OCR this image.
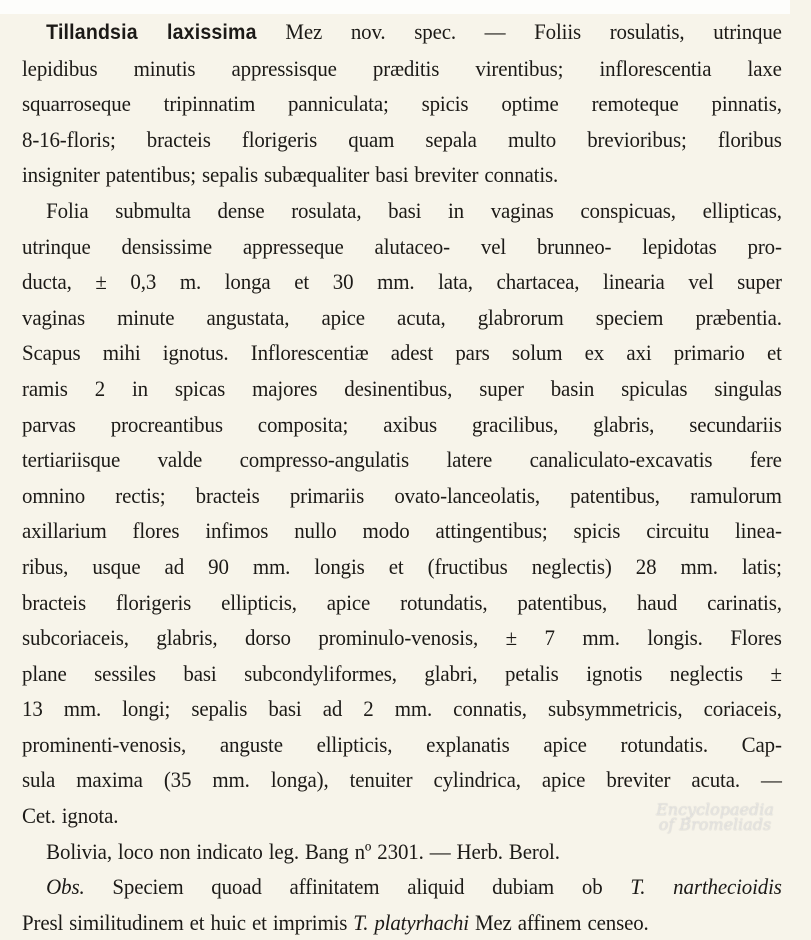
Tillandsia laxissima Mez nov. spec. — Foliis rosulatis, utrinque
lepidibus minutis appressisque præditis virentibus; inflorescentia laxe
squarroseque tripinnatim panniculata; spicis optime remoteque pinnatis,
8-16-floris; bracteis florigeris quam sepala multo brevioribus; floribus
insigniter patentibus; sepalis subæqualiter basi breviter connatis.
Folia submulta dense rosulata, basi in vaginas conspicuas, ellipticas,
utrinque densissime appresseque alutaceo- vel brunneo- lepidotas pro-
ducta, ± 0,3 m. longa et 30 mm. lata, chartacea, linearia vel super
vaginas minute angustata, apice acuta, glabrorum speciem præbentia.
Scapus mihi ignotus. Inflorescentiæ adest pars solum ex axi primario et
ramis 2 in spicas majores desinentibus, super basin spiculas singulas
parvas procreantibus composita; axibus gracilibus, glabris, secundariis
tertiariisque valde compresso-angulatis latere canaliculato-excavatis fere
omnino rectis; bracteis primariis ovato-lanceolatis, patentibus, ramulorum
axillarium flores infimos nullo modo attingentibus; spicis circuitu linea-
ribus, usque ad 90 mm. longis et (fructibus neglectis) 28 mm. latis;
bracteis florigeris ellipticis, apice rotundatis, patentibus, haud carinatis,
subcoriaceis, glabris, dorso prominulo-venosis, ± 7 mm. longis. Flores
plane sessiles basi subcondyliformes, glabri, petalis ignotis neglectis ±
13 mm. longi; sepalis basi ad 2 mm. connatis, subsymmetricis, coriaceis,
prominenti-venosis, anguste ellipticis, explanatis apice rotundatis. Cap-
sula maxima (35 mm. longa), tenuiter cylindrica, apice breviter acuta. —
Cet. ignota.
Bolivia, loco non indicato leg. Bang nº 2301. — Herb. Berol.
Obs. Speciem quoad affinitatem aliquid dubiam ob T. narthecioidis
Presl similitudinem et huic et imprimis T. platyrhachi Mez affinem censeo.
Encyclopaedia
of Bromeliads
